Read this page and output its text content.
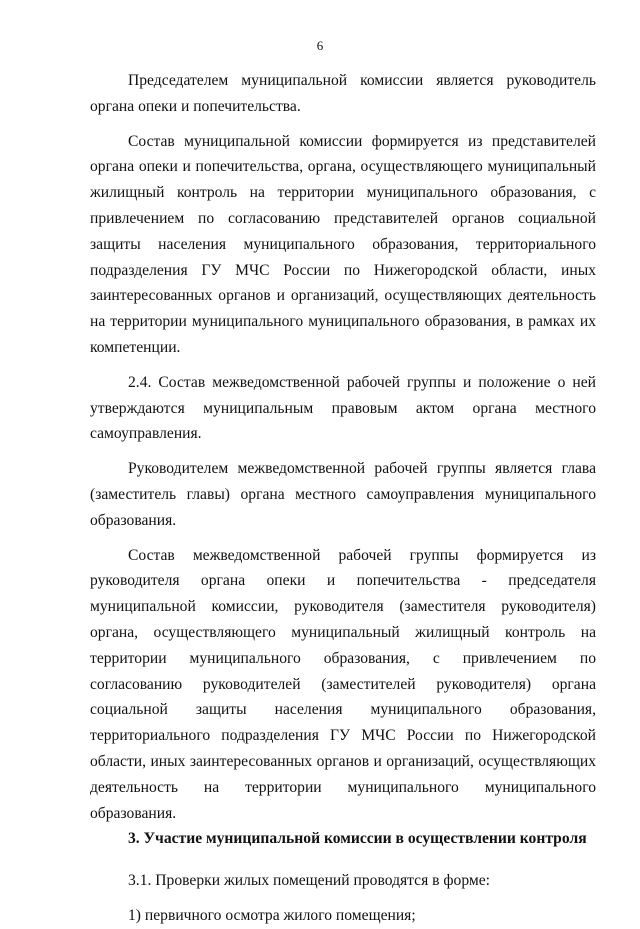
6

Председателем муниципальной комиссии является руководитель органа опеки и попечительства.

Состав муниципальной комиссии формируется из представителей органа опеки и попечительства, органа, осуществляющего муниципальный жилищный контроль на территории муниципального образования, с привлечением по согласованию представителей органов социальной защиты населения муниципального образования, территориального подразделения ГУ МЧС России по Нижегородской области, иных заинтересованных органов и организаций, осуществляющих деятельность на территории муниципального муниципального образования, в рамках их компетенции.

2.4. Состав межведомственной рабочей группы и положение о ней утверждаются муниципальным правовым актом органа местного самоуправления.

Руководителем межведомственной рабочей группы является глава (заместитель главы) органа местного самоуправления муниципального образования.

Состав межведомственной рабочей группы формируется из руководителя органа опеки и попечительства - председателя муниципальной комиссии, руководителя (заместителя руководителя) органа, осуществляющего муниципальный жилищный контроль на территории муниципального образования, с привлечением по согласованию руководителей (заместителей руководителя) органа социальной защиты населения муниципального образования, территориального подразделения ГУ МЧС России по Нижегородской области, иных заинтересованных органов и организаций, осуществляющих деятельность на территории муниципального муниципального образования.

3. Участие муниципальной комиссии в осуществлении контроля

3.1. Проверки жилых помещений проводятся в форме:

1) первичного осмотра жилого помещения;
